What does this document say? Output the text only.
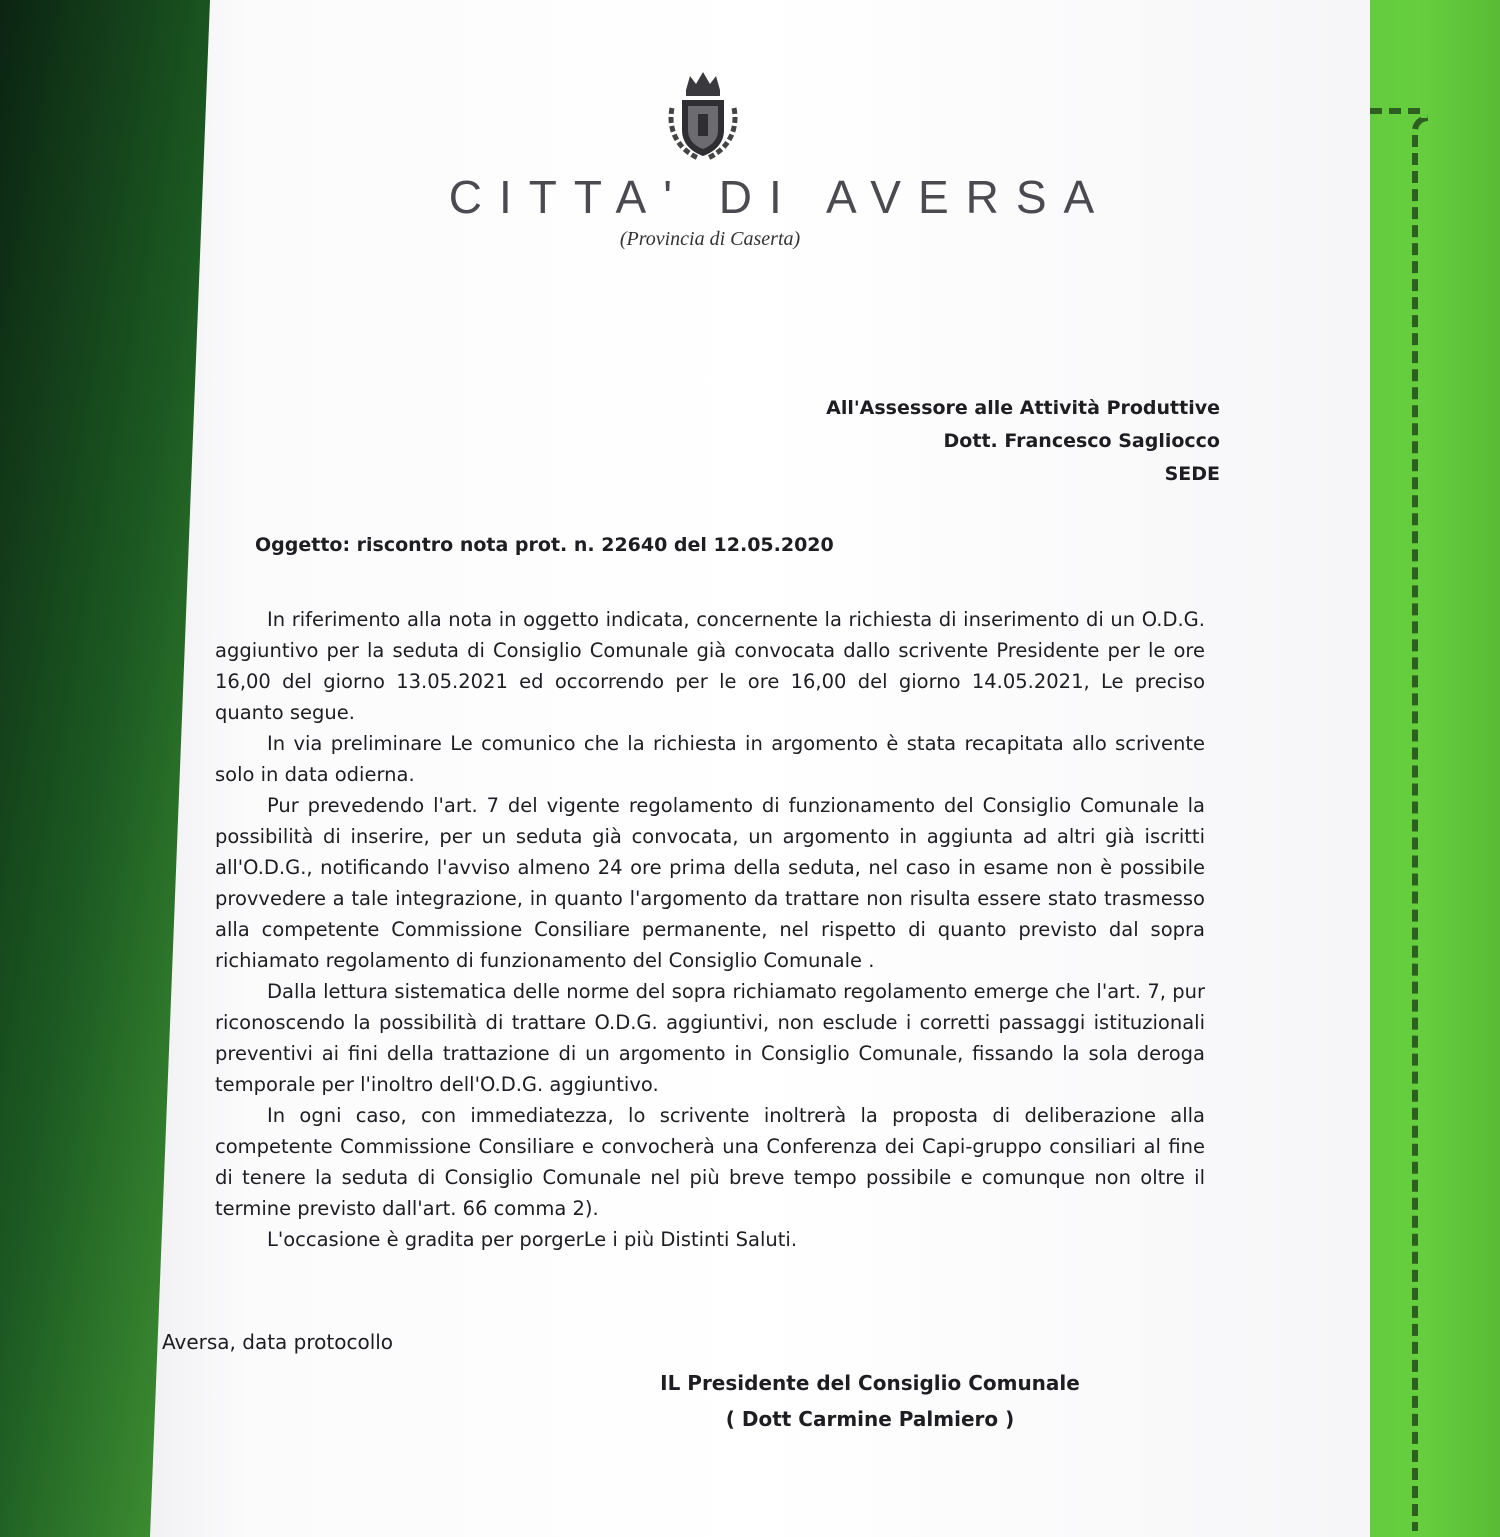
CITTA' DI AVERSA
(Provincia di Caserta)
All'Assessore alle Attività Produttive
Dott. Francesco Sagliocco
SEDE
Oggetto: riscontro nota prot. n. 22640 del 12.05.2020

In riferimento alla nota in oggetto indicata, concernente la richiesta di inserimento di un O.D.G. aggiuntivo per la seduta di Consiglio Comunale già convocata dallo scrivente Presidente per le ore 16,00 del giorno 13.05.2021 ed occorrendo per le ore 16,00 del giorno 14.05.2021, Le preciso quanto segue.

In via preliminare Le comunico che la richiesta in argomento è stata recapitata allo scrivente solo in data odierna.

Pur prevedendo l'art. 7 del vigente regolamento di funzionamento del Consiglio Comunale la possibilità di inserire, per un seduta già convocata, un argomento in aggiunta ad altri già iscritti all'O.D.G., notificando l'avviso almeno 24 ore prima della seduta, nel caso in esame non è possibile provvedere a tale integrazione, in quanto l'argomento da trattare non risulta essere stato trasmesso alla competente Commissione Consiliare permanente, nel rispetto di quanto previsto dal sopra richiamato regolamento di funzionamento del Consiglio Comunale .

Dalla lettura sistematica delle norme del sopra richiamato regolamento emerge che l'art. 7, pur riconoscendo la possibilità di trattare O.D.G. aggiuntivi, non esclude i corretti passaggi istituzionali preventivi ai fini della trattazione di un argomento in Consiglio Comunale, fissando la sola deroga temporale per l'inoltro dell'O.D.G. aggiuntivo.

In ogni caso, con immediatezza, lo scrivente inoltrerà la proposta di deliberazione alla competente Commissione Consiliare e convocherà una Conferenza dei Capi-gruppo consiliari al fine di tenere la seduta di Consiglio Comunale nel più breve tempo possibile e comunque non oltre il termine previsto dall'art. 66 comma 2).

L'occasione è gradita per porgerLe i più Distinti Saluti.

Aversa, data protocollo
IL Presidente del Consiglio Comunale
( Dott Carmine Palmiero )
